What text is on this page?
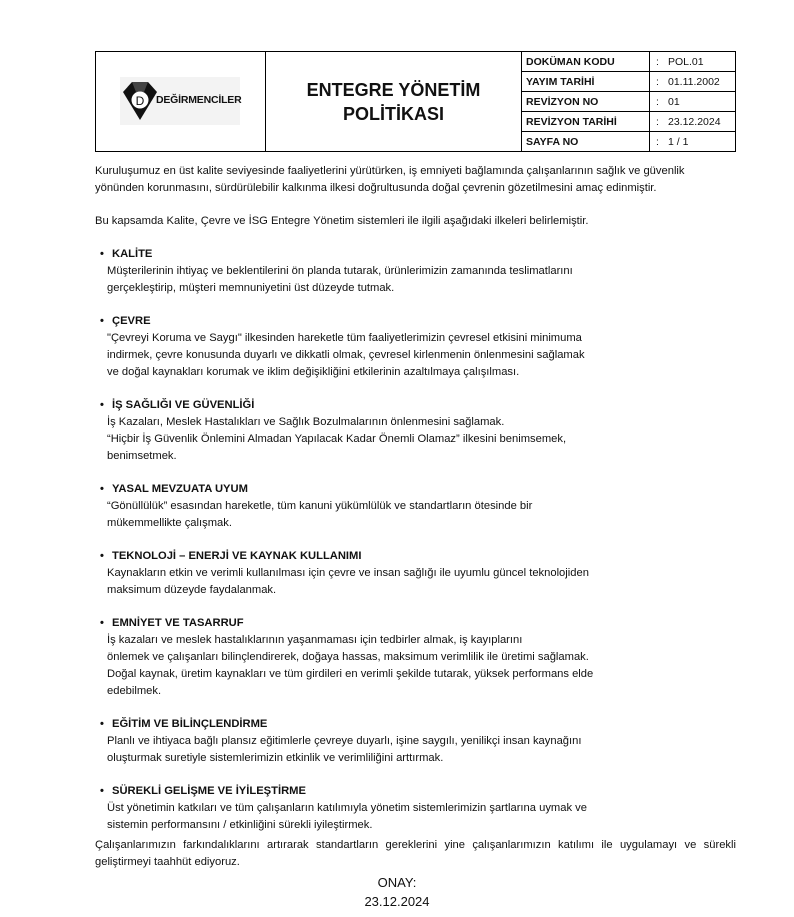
D DEĞİRMENCİLER
ENTEGRE YÖNETİM
POLİTİKASI
DOKÜMAN KODU	:	POL.01
YAYIM TARİHİ	:	01.11.2002
REVİZYON NO	:	01
REVİZYON TARİHİ	:	23.12.2024
SAYFA NO	:	1 / 1

Kuruluşumuz en üst kalite seviyesinde faaliyetlerini yürütürken, iş emniyeti bağlamında çalışanlarının sağlık ve güvenlik yönünden korunmasını, sürdürülebilir kalkınma ilkesi doğrultusunda doğal çevrenin gözetilmesini amaç edinmiştir.

Bu kapsamda Kalite, Çevre ve İSG Entegre Yönetim sistemleri ile ilgili aşağıdaki ilkeleri belirlemiştir.

• KALİTE
Müşterilerinin ihtiyaç ve beklentilerini ön planda tutarak, ürünlerimizin zamanında teslimatlarını
gerçekleştirip, müşteri memnuniyetini üst düzeyde tutmak.
• ÇEVRE
"Çevreyi Koruma ve Saygı" ilkesinden hareketle tüm faaliyetlerimizin çevresel etkisini minimuma
indirmek, çevre konusunda duyarlı ve dikkatli olmak, çevresel kirlenmenin önlenmesini sağlamak
ve doğal kaynakları korumak ve iklim değişikliğini etkilerinin azaltılmaya çalışılması.
• İŞ SAĞLIĞI VE GÜVENLİĞİ
İş Kazaları, Meslek Hastalıkları ve Sağlık Bozulmalarının önlenmesini sağlamak.
“Hiçbir İş Güvenlik Önlemini Almadan Yapılacak Kadar Önemli Olamaz” ilkesini benimsemek,
benimsetmek.
• YASAL MEVZUATA UYUM
“Gönüllülük” esasından hareketle, tüm kanuni yükümlülük ve standartların ötesinde bir
mükemmellikte çalışmak.
• TEKNOLOJİ – ENERJİ VE KAYNAK KULLANIMI
Kaynakların etkin ve verimli kullanılması için çevre ve insan sağlığı ile uyumlu güncel teknolojiden
maksimum düzeyde faydalanmak.
• EMNİYET VE TASARRUF
İş kazaları ve meslek hastalıklarının yaşanmaması için tedbirler almak, iş kayıplarını
önlemek ve çalışanları bilinçlendirerek, doğaya hassas, maksimum verimlilik ile üretimi sağlamak.
Doğal kaynak, üretim kaynakları ve tüm girdileri en verimli şekilde tutarak, yüksek performans elde
edebilmek.
• EĞİTİM VE BİLİNÇLENDİRME
Planlı ve ihtiyaca bağlı plansız eğitimlerle çevreye duyarlı, işine saygılı, yenilikçi insan kaynağını
oluşturmak suretiyle sistemlerimizin etkinlik ve verimliliğini arttırmak.
• SÜREKLİ GELİŞME VE İYİLEŞTİRME
Üst yönetimin katkıları ve tüm çalışanların katılımıyla yönetim sistemlerimizin şartlarına uymak ve
sistemin performansını / etkinliğini sürekli iyileştirmek.

Çalışanlarımızın farkındalıklarını artırarak standartların gereklerini yine çalışanlarımızın katılımı ile uygulamayı ve sürekli geliştirmeyi taahhüt ediyoruz.

ONAY:
23.12.2024
